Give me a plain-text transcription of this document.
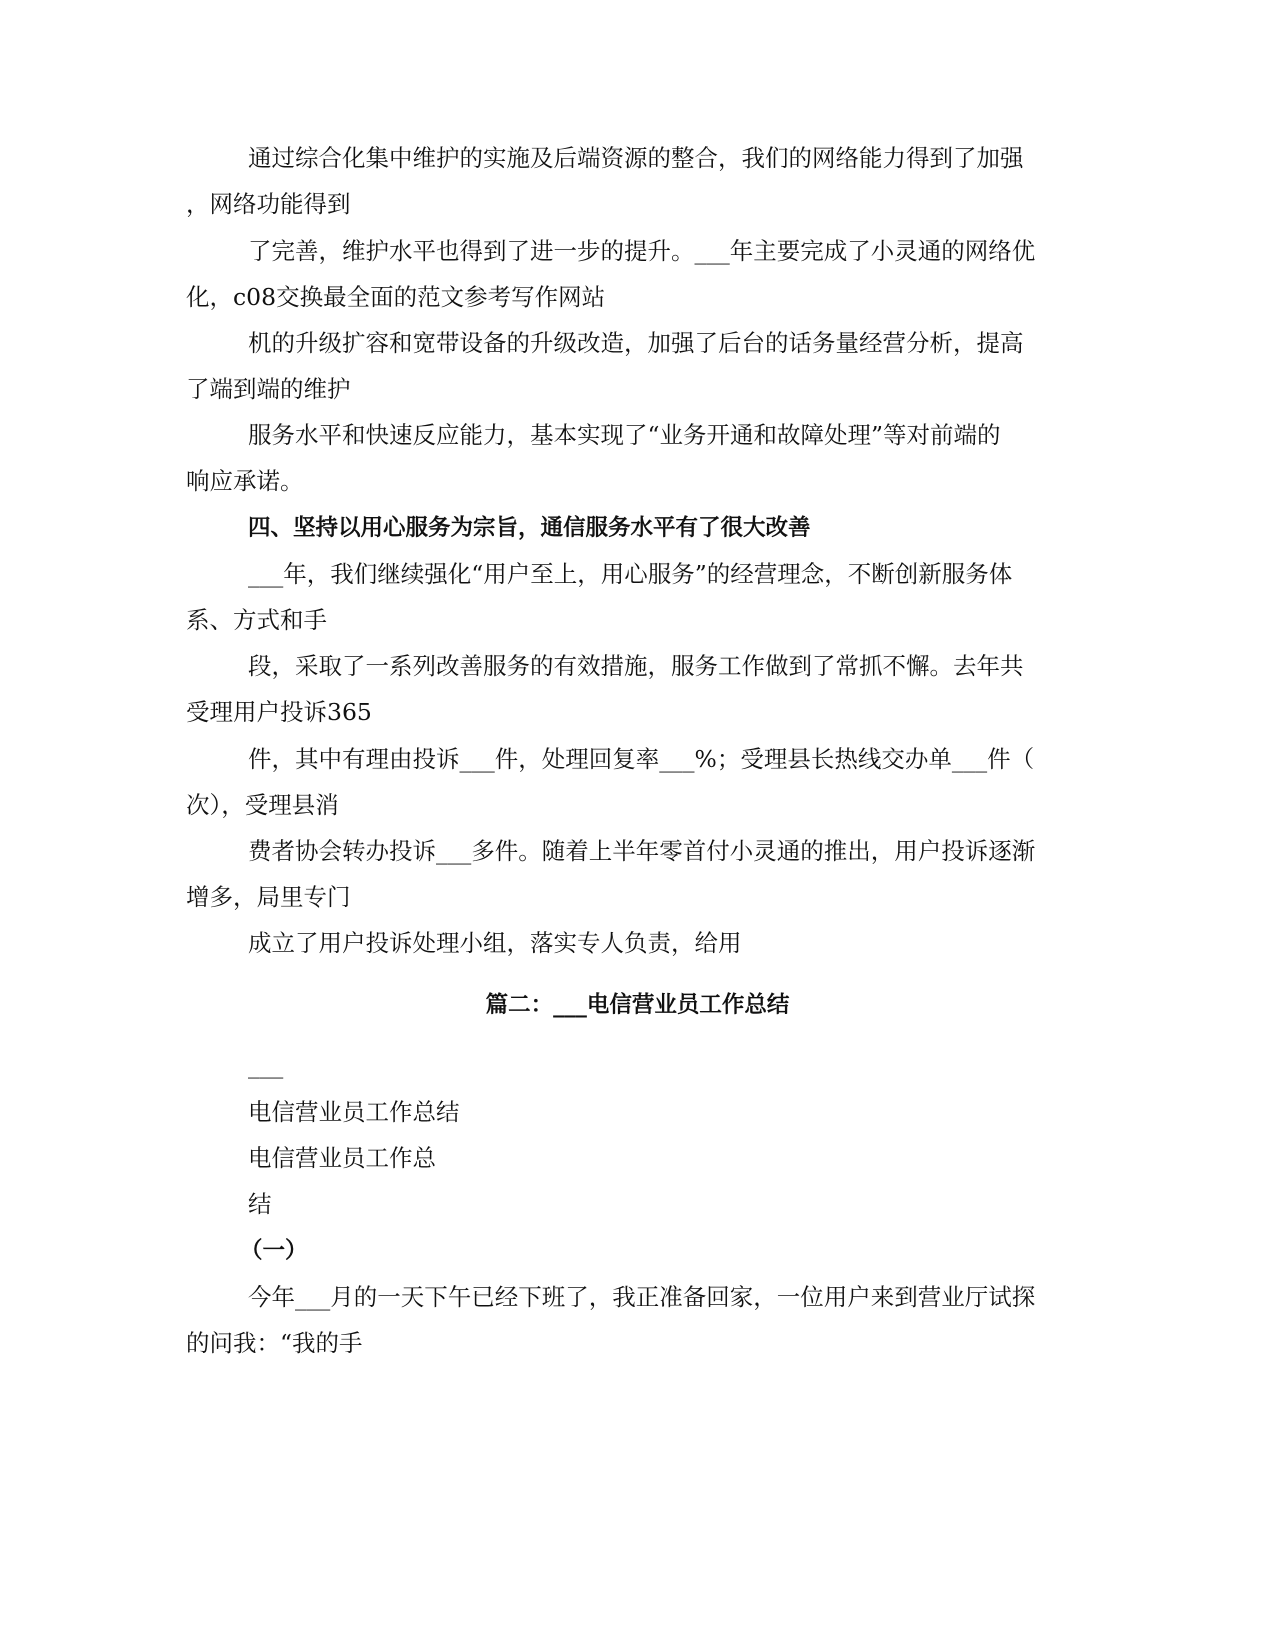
通过综合化集中维护的实施及后端资源的整合，我们的网络能力得到了加强
，网络功能得到
了完善，维护水平也得到了进一步的提升。___年主要完成了小灵通的网络优
化，c08交换最全面的范文参考写作网站
机的升级扩容和宽带设备的升级改造，加强了后台的话务量经营分析，提高
了端到端的维护
服务水平和快速反应能力，基本实现了“业务开通和故障处理”等对前端的
响应承诺。
四、坚持以用心服务为宗旨，通信服务水平有了很大改善
___年，我们继续强化“用户至上，用心服务”的经营理念，不断创新服务体
系、方式和手
段，采取了一系列改善服务的有效措施，服务工作做到了常抓不懈。去年共
受理用户投诉365
件，其中有理由投诉___件，处理回复率___%；受理县长热线交办单___件（
次），受理县消
费者协会转办投诉___多件。随着上半年零首付小灵通的推出，用户投诉逐渐
增多，局里专门
成立了用户投诉处理小组，落实专人负责，给用
篇二：___电信营业员工作总结
___
电信营业员工作总结
电信营业员工作总
结
（一）
今年___月的一天下午已经下班了，我正准备回家，一位用户来到营业厅试探
的问我：“我的手
